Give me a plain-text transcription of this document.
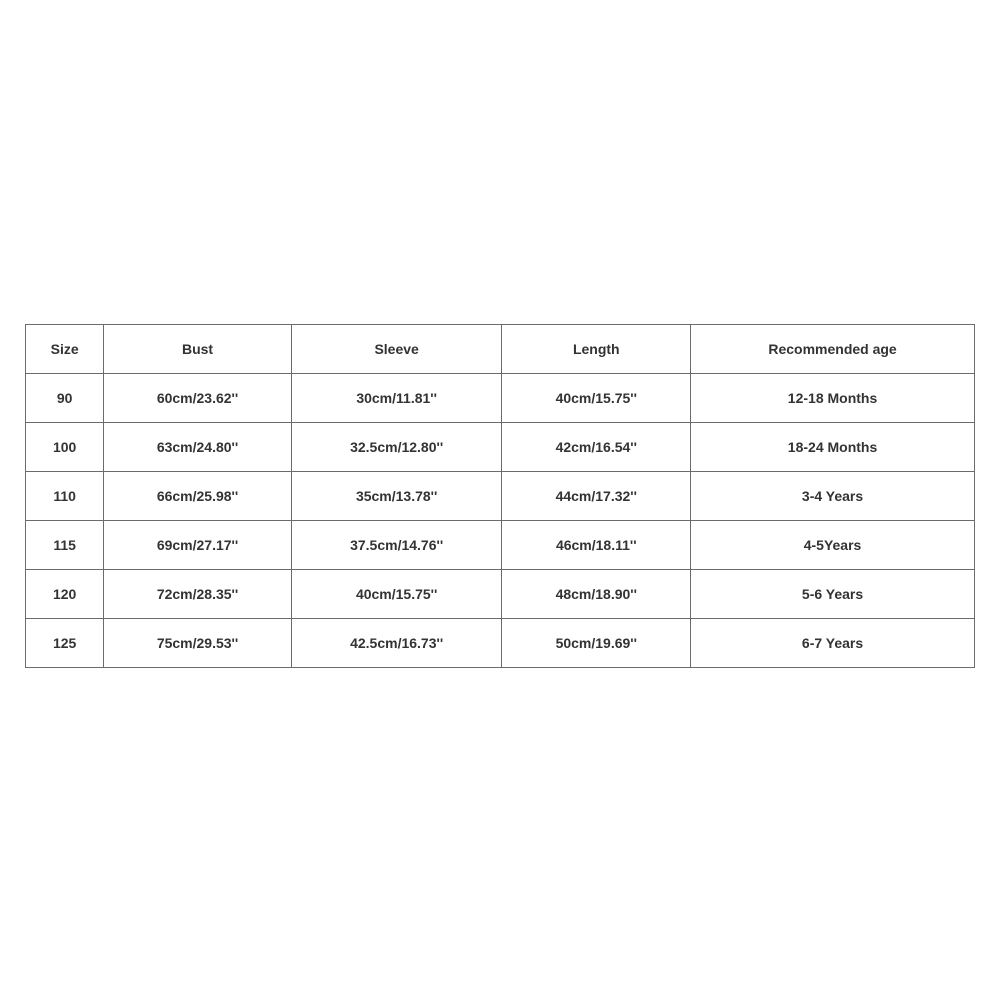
Size	Bust	Sleeve	Length	Recommended age
90	60cm/23.62''	30cm/11.81''	40cm/15.75''	12-18 Months
100	63cm/24.80''	32.5cm/12.80''	42cm/16.54''	18-24 Months
110	66cm/25.98''	35cm/13.78''	44cm/17.32''	3-4 Years
115	69cm/27.17''	37.5cm/14.76''	46cm/18.11''	4-5Years
120	72cm/28.35''	40cm/15.75''	48cm/18.90''	5-6 Years
125	75cm/29.53''	42.5cm/16.73''	50cm/19.69''	6-7 Years
